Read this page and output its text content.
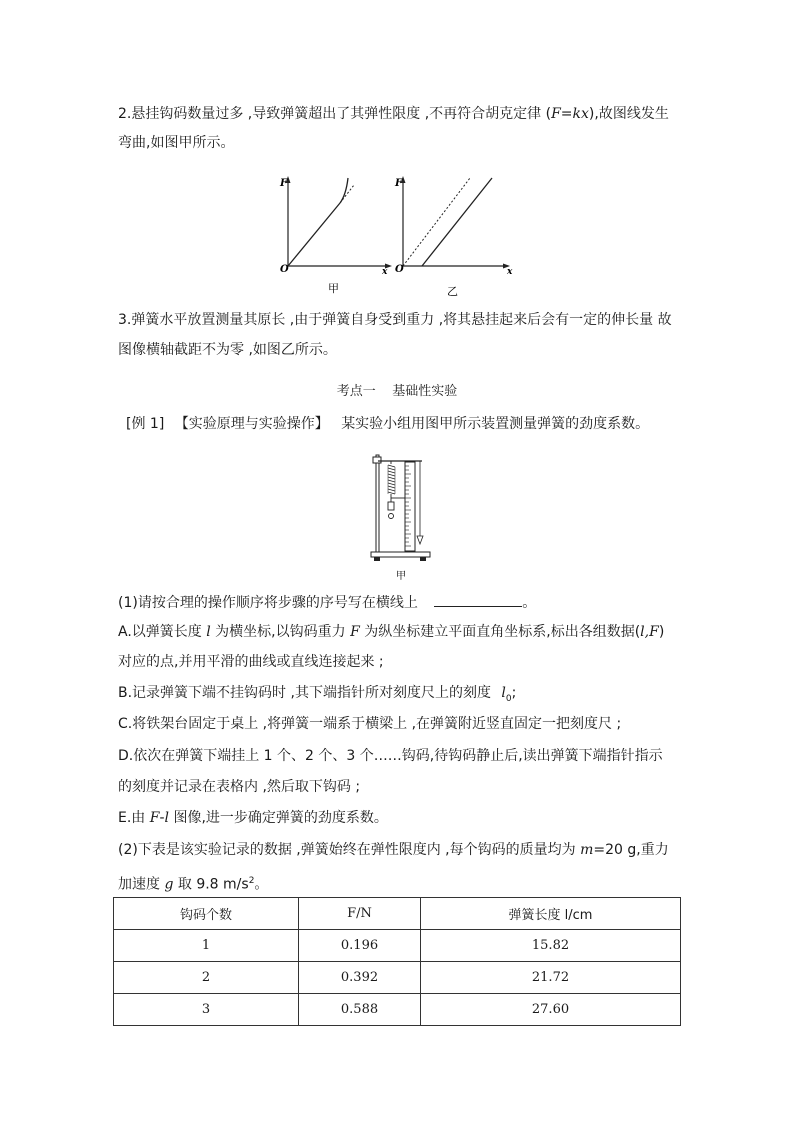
2.悬挂钩码数量过多 ,导致弹簧超出了其弹性限度 ,不再符合胡克定律 (F=kx),故图线发生
弯曲,如图甲所示。
F
O	x
F
O	x
甲	乙
3.弹簧水平放置测量其原长 ,由于弹簧自身受到重力 ,将其悬挂起来后会有一定的伸长量 故
图像横轴截距不为零 ,如图乙所示。
考点一    基础性实验
[例 1] 【实验原理与实验操作】 某实验小组用图甲所示装置测量弹簧的劲度系数。
甲
(1)请按合理的操作顺序将步骤的序号写在横线上	。
A.以弹簧长度 l 为横坐标,以钩码重力 F 为纵坐标建立平面直角坐标系,标出各组数据(l,F)
对应的点,并用平滑的曲线或直线连接起来 ;
B.记录弹簧下端不挂钩码时 ,其下端指针所对刻度尺上的刻度 $l_0$;
C.将铁架台固定于桌上 ,将弹簧一端系于横梁上 ,在弹簧附近竖直固定一把刻度尺 ;
D.依次在弹簧下端挂上 1 个、2 个、3 个……钩码,待钩码静止后,读出弹簧下端指针指示
的刻度并记录在表格内 ,然后取下钩码 ;
E.由 F-l 图像,进一步确定弹簧的劲度系数。
(2)下表是该实验记录的数据 ,弹簧始终在弹性限度内 ,每个钩码的质量均为 m=20 g,重力
加速度 g 取 9.8 $m/s^2$。
钩码个数	F/N	弹簧长度 l/cm
1	0.196	15.82
2	0.392	21.72
3	0.588	27.60
